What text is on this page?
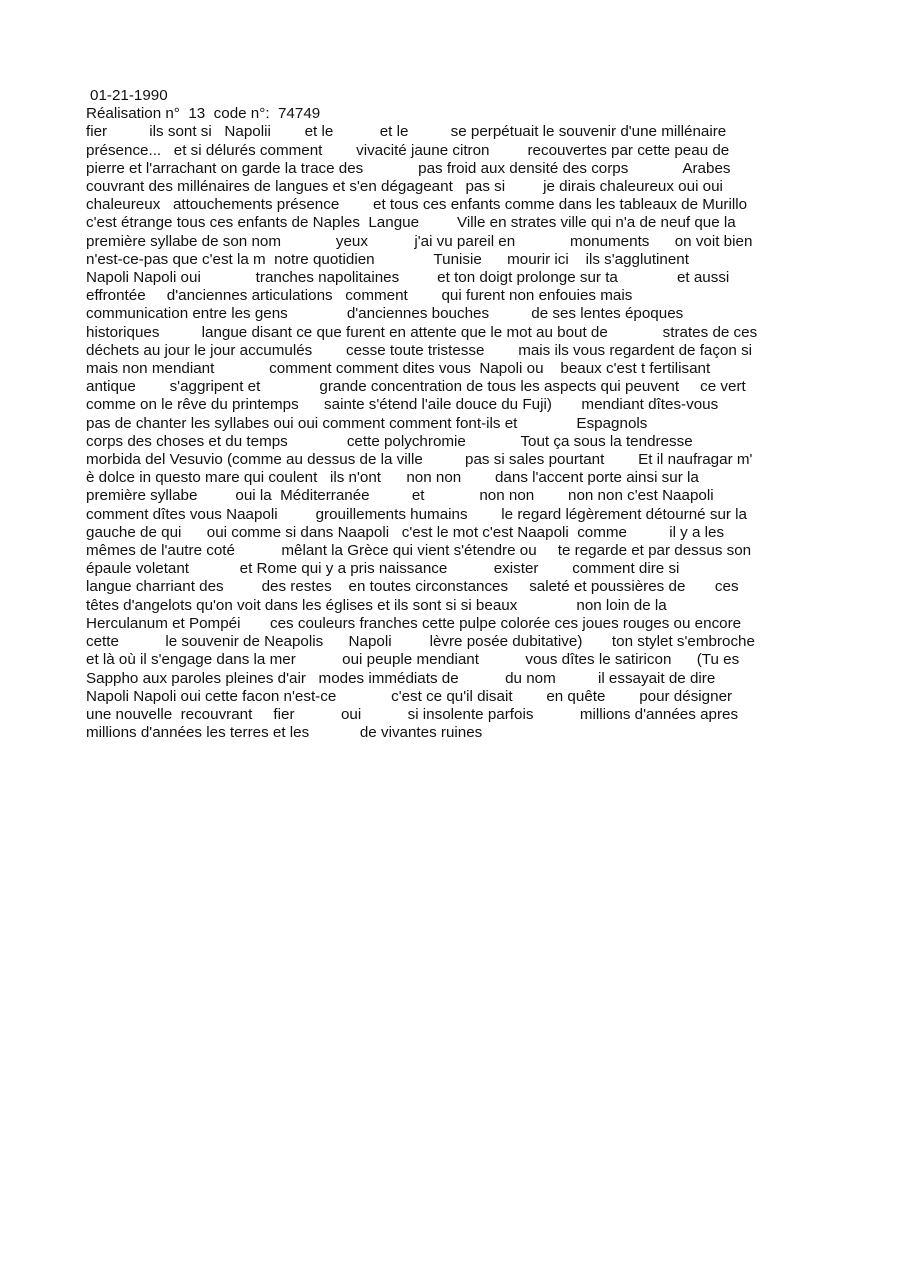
01-21-1990
Réalisation n°  13  code n°:  74749
fier          ils sont si   Napolii        et le           et le          se perpétuait le souvenir d'une millénaire
présence...   et si délurés comment        vivacité jaune citron         recouvertes par cette peau de
pierre et l'arrachant on garde la trace des             pas froid aux densité des corps             Arabes
couvrant des millénaires de langues et s'en dégageant   pas si         je dirais chaleureux oui oui
chaleureux   attouchements présence        et tous ces enfants comme dans les tableaux de Murillo
c'est étrange tous ces enfants de Naples  Langue         Ville en strates ville qui n'a de neuf que la
première syllabe de son nom             yeux           j'ai vu pareil en             monuments      on voit bien
n'est-ce-pas que c'est la m  notre quotidien              Tunisie      mourir ici    ils s'agglutinent
Napoli Napoli oui             tranches napolitaines         et ton doigt prolonge sur ta              et aussi
effrontée     d'anciennes articulations   comment        qui furent non enfouies mais
communication entre les gens              d'anciennes bouches          de ses lentes époques
historiques          langue disant ce que furent en attente que le mot au bout de             strates de ces
déchets au jour le jour accumulés        cesse toute tristesse        mais ils vous regardent de façon si
mais non mendiant             comment comment dites vous  Napoli ou    beaux c'est t fertilisant
antique        s'aggripent et              grande concentration de tous les aspects qui peuvent     ce vert
comme on le rêve du printemps      sainte s'étend l'aile douce du Fuji)       mendiant dîtes-vous
pas de chanter les syllabes oui oui comment comment font-ils et              Espagnols
corps des choses et du temps              cette polychromie             Tout ça sous la tendresse
morbida del Vesuvio (comme au dessus de la ville          pas si sales pourtant        Et il naufragar m'
è dolce in questo mare qui coulent   ils n'ont      non non        dans l'accent porte ainsi sur la
première syllabe         oui la  Méditerranée          et             non non        non non c'est Naapoli
comment dîtes vous Naapoli         grouillements humains        le regard légèrement détourné sur la
gauche de qui      oui comme si dans Naapoli   c'est le mot c'est Naapoli  comme          il y a les
mêmes de l'autre coté           mêlant la Grèce qui vient s'étendre ou     te regarde et par dessus son
épaule voletant            et Rome qui y a pris naissance           exister        comment dire si
langue charriant des         des restes    en toutes circonstances     saleté et poussières de       ces
têtes d'angelots qu'on voit dans les églises et ils sont si si beaux              non loin de la
Herculanum et Pompéi       ces couleurs franches cette pulpe colorée ces joues rouges ou encore
cette           le souvenir de Neapolis      Napoli         lèvre posée dubitative)       ton stylet s'embroche
et là où il s'engage dans la mer           oui peuple mendiant           vous dîtes le satiricon      (Tu es
Sappho aux paroles pleines d'air   modes immédiats de           du nom          il essayait de dire
Napoli Napoli oui cette facon n'est-ce             c'est ce qu'il disait        en quête        pour désigner
une nouvelle  recouvrant     fier           oui           si insolente parfois           millions d'années apres
millions d'années les terres et les            de vivantes ruines
